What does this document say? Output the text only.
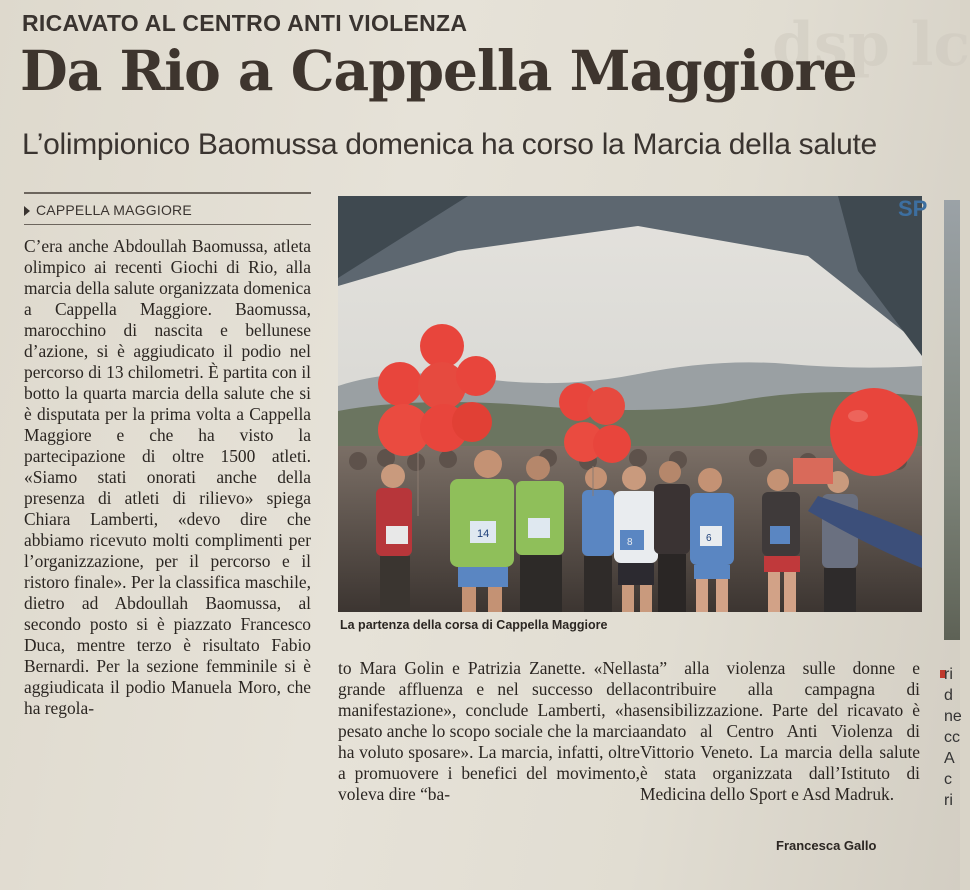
dsp lc
RICAVATO AL CENTRO ANTI VIOLENZA
Da Rio a Cappella Maggiore
L’olimpionico Baomussa domenica ha corso la Marcia della salute
CAPPELLA MAGGIORE
C’era anche Abdoullah Baomussa, atleta olimpico ai recenti Giochi di Rio, alla marcia della salute organizzata domenica a Cappella Maggiore. Baomussa, marocchino di nascita e bellunese d’azione, si è aggiudicato il podio nel percorso di 13 chilometri. È partita con il botto la quarta marcia della salute che si è disputata per la prima volta a Cappella Maggiore e che ha visto la partecipazione di oltre 1500 atleti. «Siamo stati onorati anche della presenza di atleti di rilievo» spiega Chiara Lamberti, «devo dire che abbiamo ricevuto molti complimenti per l’organizzazione, per il percorso e il ristoro finale». Per la classifica maschile, dietro ad Abdoullah Baomussa, al secondo posto si è piazzato Francesco Duca, mentre terzo è risultato Fabio Bernardi. Per la sezione femminile si è aggiudicata il podio Manuela Moro, che ha regola-
14
8	6
SP
La partenza della corsa di Cappella Maggiore
to Mara Golin e Patrizia Zanette. «Nella grande affluenza e nel successo della manifestazione», conclude Lamberti, «ha pesato anche lo scopo sociale che la marcia ha voluto sposare». La marcia, infatti, oltre a promuovere i benefici del movimento, voleva dire “ba-
sta” alla violenza sulle donne e contribuire alla campagna di sensibilizzazione. Parte del ricavato è andato al Centro Anti Violenza di Vittorio Veneto. La marcia della salute è stata organizzata dall’Istituto di Medicina dello Sport e Asd Madruk.
Francesca Gallo
ri
d
ne
cc
A
c
ri
